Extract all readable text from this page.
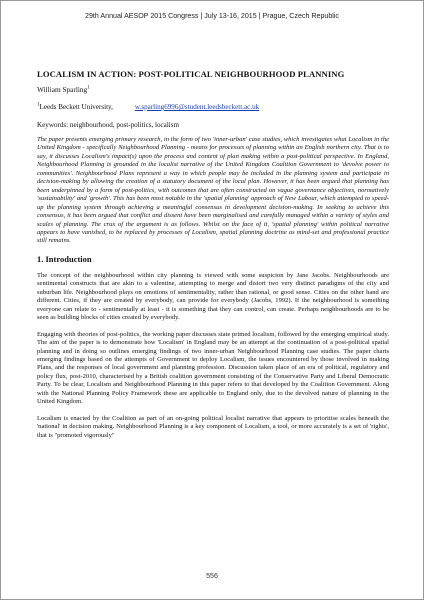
29th Annual AESOP 2015 Congress | July 13-16, 2015 | Prague, Czech Republic
LOCALISM IN ACTION: POST-POLITICAL NEIGHBOURHOOD PLANNING
William Sparling$^1$
$^1$Leeds Beckett University,	w.sparling6996@student.leedsbeckett.ac.uk
Keywords: neighbourhood, post-politics, localism

The paper presents emerging primary research, in the form of two 'inner-urban' case studies, which investigates what Localism in the United Kingdom - specifically Neighbourhood Planning - means for processes of planning within an English northern city. That is to say, it discusses Localism's impact(s) upon the process and content of plan making within a post-political perspective. In England, Neighbourhood Planning is grounded in the localist narrative of the United Kingdom Coalition Government to 'devolve power to communities'. Neighbourhood Plans represent a way in which people may be included in the planning system and participate in decision-making by allowing the creation of a statutory document of the local plan. However, it has been argued that planning has been underpinned by a form of post-politics, with outcomes that are often constructed on vague governance objectives, normatively 'sustainability' and 'growth'. This has been most notable in the 'spatial planning' approach of New Labour, which attempted to speed-up the planning system through achieving a meaningful consensus in development decision-making. In seeking to achieve this consensus, it has been argued that conflict and dissent have been marginalised and carefully managed within a variety of styles and scales of planning. The crux of the argument is as follows. Whilst on the face of it, 'spatial planning' within political narrative appears to have vanished, to be replaced by processes of Localism, spatial planning doctrine as mind-set and professional practice still remains.

1. Introduction

The concept of the neighbourhood within city planning is viewed with some suspicion by Jane Jacobs. Neighbourhoods are sentimental constructs that are akin to a valentine, attempting to merge and distort two very distinct paradigms of the city and suburban life. Neighbourhood plays on emotions of sentimentality, rather than rational, or good sense. Cities on the other hand are different. Cities, if they are created by everybody, can provide for everybody (Jacobs, 1992). If the neighbourhood is something everyone can relate to - sentimentally at least - it is something that they can control, can create. Perhaps neighbourhoods are to be seen as building blocks of cities created by everybody.

Engaging with theories of post-politics, the working paper discusses state primed localism, followed by the emerging empirical study. The aim of the paper is to demonstrate how 'Localism' in England may be an attempt at the continuation of a post-political spatial planning and in doing so outlines emerging findings of two inner-urban Neighbourhood Planning case studies. The paper charts emerging findings based on the attempts of Government to deploy Localism, the issues encountered by those involved in making Plans, and the responses of local government and planning profession. Discussion taken place of an era of political, regulatory and policy flux, post-2010, characterised by a British coalition government consisting of the Conservative Party and Liberal Democratic Party. To be clear, Localism and Neighbourhood Planning in this paper refers to that developed by the Coalition Government. Along with the National Planning Policy Framework these are applicable to England only, due to the devolved nature of planning in the United Kingdom.

Localism is enacted by the Coalition as part of an on-going political localist narrative that appears to prioritise scales beneath the 'national' in decision making. Neighbourhood Planning is a key component of Localism, a tool, or more accurately is a set of 'rights', that is "promoted vigorously"

556
